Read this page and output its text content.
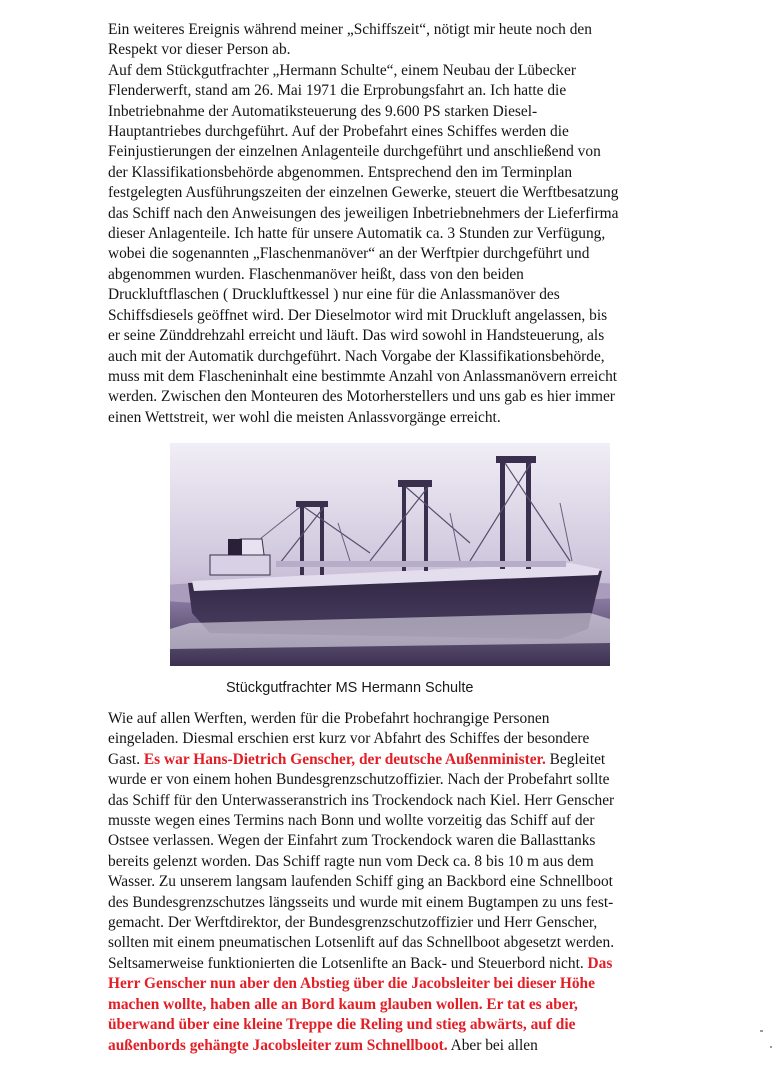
Ein weiteres Ereignis während meiner „Schiffszeit“, nötigt mir heute noch den
Respekt vor dieser Person ab.
Auf dem Stückgutfrachter „Hermann Schulte“, einem Neubau der Lübecker
Flenderwerft, stand am 26. Mai 1971 die Erprobungsfahrt an. Ich hatte die
Inbetriebnahme der Automatiksteuerung des 9.600 PS starken Diesel-
Hauptantriebes durchgeführt. Auf der Probefahrt eines Schiffes werden die
Feinjustierungen der einzelnen Anlagenteile durchgeführt und anschließend von
der Klassifikationsbehörde abgenommen. Entsprechend den im Terminplan
festgelegten Ausführungszeiten der einzelnen Gewerke, steuert die Werftbesatzung
das Schiff nach den Anweisungen des jeweiligen Inbetriebnehmers der Lieferfirma
dieser Anlagenteile. Ich hatte für unsere Automatik ca. 3 Stunden zur Verfügung,
wobei die sogenannten „Flaschenmanöver“ an der Werftpier durchgeführt und
abgenommen wurden. Flaschenmanöver heißt, dass von den beiden
Druckluftflaschen ( Druckluftkessel ) nur eine für die Anlassmanöver des
Schiffsdiesels geöffnet wird. Der Dieselmotor wird mit Druckluft angelassen, bis
er seine Zünddrehzahl erreicht und läuft. Das wird sowohl in Handsteuerung, als
auch mit der Automatik durchgeführt. Nach Vorgabe der Klassifikationsbehörde,
muss mit dem Flascheninhalt eine bestimmte Anzahl von Anlassmanövern erreicht
werden. Zwischen den Monteuren des Motorherstellers und uns gab es hier immer
einen Wettstreit, wer wohl die meisten Anlassvorgänge erreicht.
Stückgutfrachter MS Hermann Schulte
Wie auf allen Werften, werden für die Probefahrt hochrangige Personen
eingeladen. Diesmal erschien erst kurz vor Abfahrt des Schiffes der besondere
Gast. Es war Hans-Dietrich Genscher, der deutsche Außenminister. Begleitet
wurde er von einem hohen Bundesgrenzschutzoffizier. Nach der Probefahrt sollte
das Schiff für den Unterwasseranstrich ins Trockendock nach Kiel. Herr Genscher
musste wegen eines Termins nach Bonn und wollte vorzeitig das Schiff auf der
Ostsee verlassen. Wegen der Einfahrt zum Trockendock waren die Ballasttanks
bereits gelenzt worden. Das Schiff ragte nun vom Deck ca. 8 bis 10 m aus dem
Wasser. Zu unserem langsam laufenden Schiff ging an Backbord eine Schnellboot
des Bundesgrenzschutzes längsseits und wurde mit einem Bugtampen zu uns fest-
gemacht. Der Werftdirektor, der Bundesgrenzschutzoffizier und Herr Genscher,
sollten mit einem pneumatischen Lotsenlift auf das Schnellboot abgesetzt werden.
Seltsamerweise funktionierten die Lotsenlifte an Back- und Steuerbord nicht. Das
Herr Genscher nun aber den Abstieg über die Jacobsleiter bei dieser Höhe
machen wollte, haben alle an Bord kaum glauben wollen. Er tat es aber,
überwand über eine kleine Treppe die Reling und stieg abwärts, auf die
außenbords gehängte Jacobsleiter zum Schnellboot. Aber bei allen
